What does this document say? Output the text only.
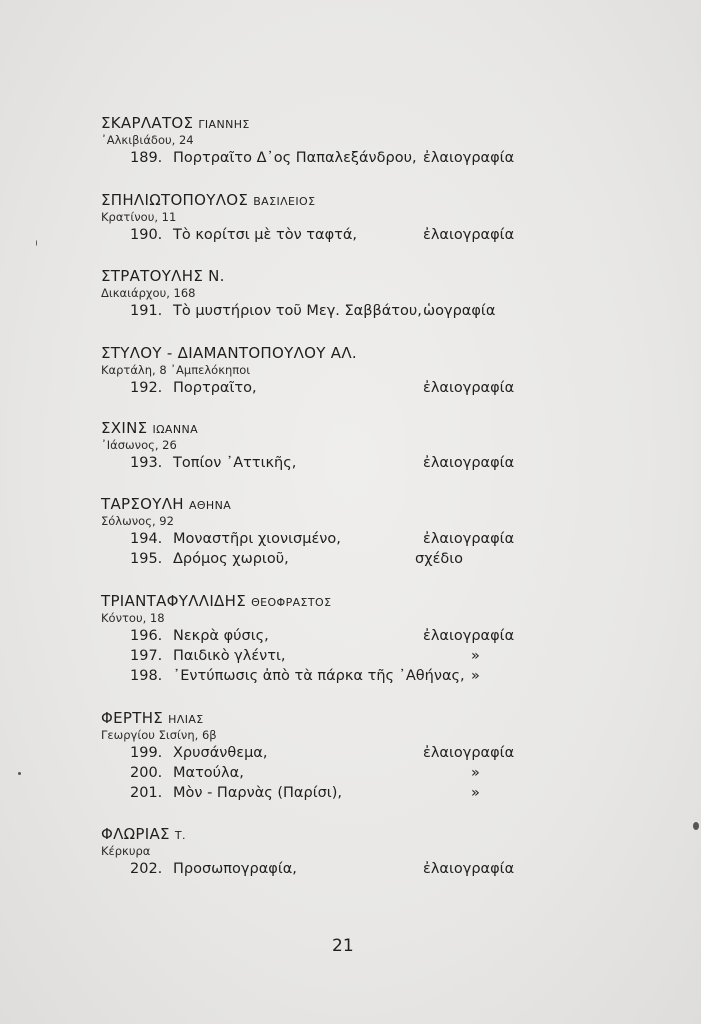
ΣΚΑΡΛΑΤΟΣ ΓΙΑΝΝΗΣ
᾿Αλκιβιάδου, 24
189. Πορτραῖτο Δ᾽ος Παπαλεξάνδρου, ἐλαιογραφία
ΣΠΗΛΙΩΤΟΠΟΥΛΟΣ ΒΑΣΙΛΕΙΟΣ
Κρατίνου, 11
190. Τὸ κορίτσι μὲ τὸν ταφτά,	ἐλαιογραφία
ΣΤΡΑΤΟΥΛΗΣ Ν.
Δικαιάρχου, 168
191. Τὸ μυστήριον τοῦ Μεγ. Σαββάτου, ὡογραφία
ΣΤΥΛΟΥ - ΔΙΑΜΑΝΤΟΠΟΥΛΟΥ ΑΛ.
Καρτάλη, 8 ᾿Αμπελόκηποι
192. Πορτραῖτο,	ἐλαιογραφία
ΣΧΙΝΣ ΙΩΑΝΝΑ
᾿Ιάσωνος, 26
193. Τοπίον ᾿Αττικῆς,	ἐλαιογραφία
ΤΑΡΣΟΥΛΗ ΑΘΗΝΑ
Σόλωνος, 92
194. Μοναστῆρι χιονισμένο,	ἐλαιογραφία
195. Δρόμος χωριοῦ,	σχέδιο
ΤΡΙΑΝΤΑΦΥΛΛΙΔΗΣ ΘΕΟΦΡΑΣΤΟΣ
Κόντου, 18
196. Νεκρὰ φύσις,	ἐλαιογραφία
197. Παιδικὸ γλέντι,	»
198. ᾿Εντύπωσις ἀπὸ τὰ πάρκα τῆς ᾿Αθήνας, »
ΦΕΡΤΗΣ ΗΛΙΑΣ
Γεωργίου Σισίνη, 6β
199. Χρυσάνθεμα,	ἐλαιογραφία
200. Ματούλα,	»
201. Μὸν - Παρνὰς (Παρίσι),	»
ΦΛΩΡΙΑΣ Τ.
Κέρκυρα
202. Προσωπογραφία,	ἐλαιογραφία
21
